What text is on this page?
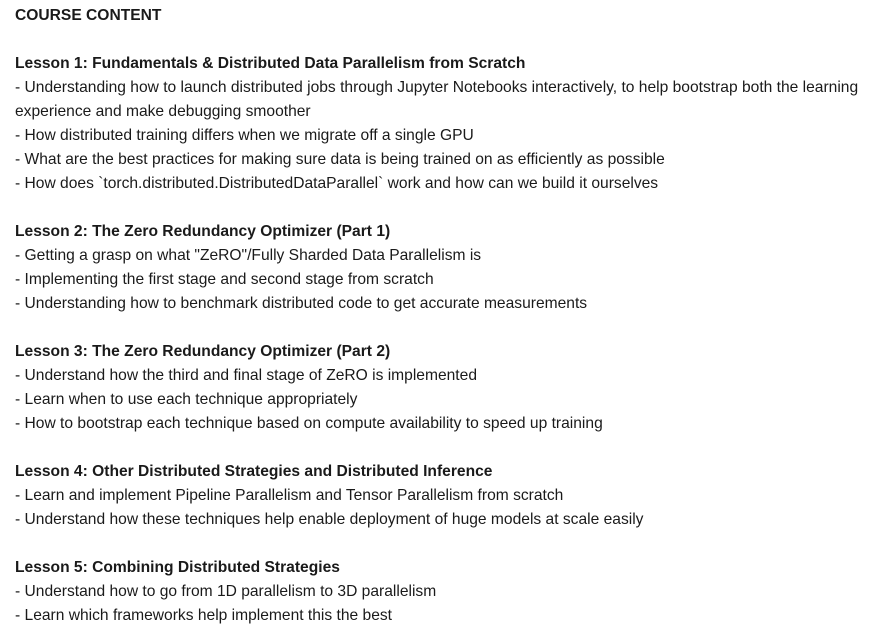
COURSE CONTENT
Lesson 1: Fundamentals & Distributed Data Parallelism from Scratch
- Understanding how to launch distributed jobs through Jupyter Notebooks interactively, to help bootstrap both the learning experience and make debugging smoother
- How distributed training differs when we migrate off a single GPU
- What are the best practices for making sure data is being trained on as efficiently as possible
- How does `torch.distributed.DistributedDataParallel` work and how can we build it ourselves
Lesson 2: The Zero Redundancy Optimizer (Part 1)
- Getting a grasp on what "ZeRO"/Fully Sharded Data Parallelism is
- Implementing the first stage and second stage from scratch
- Understanding how to benchmark distributed code to get accurate measurements
Lesson 3: The Zero Redundancy Optimizer (Part 2)
- Understand how the third and final stage of ZeRO is implemented
- Learn when to use each technique appropriately
- How to bootstrap each technique based on compute availability to speed up training
Lesson 4: Other Distributed Strategies and Distributed Inference
- Learn and implement Pipeline Parallelism and Tensor Parallelism from scratch
- Understand how these techniques help enable deployment of huge models at scale easily
Lesson 5: Combining Distributed Strategies
- Understand how to go from 1D parallelism to 3D parallelism
- Learn which frameworks help implement this the best
